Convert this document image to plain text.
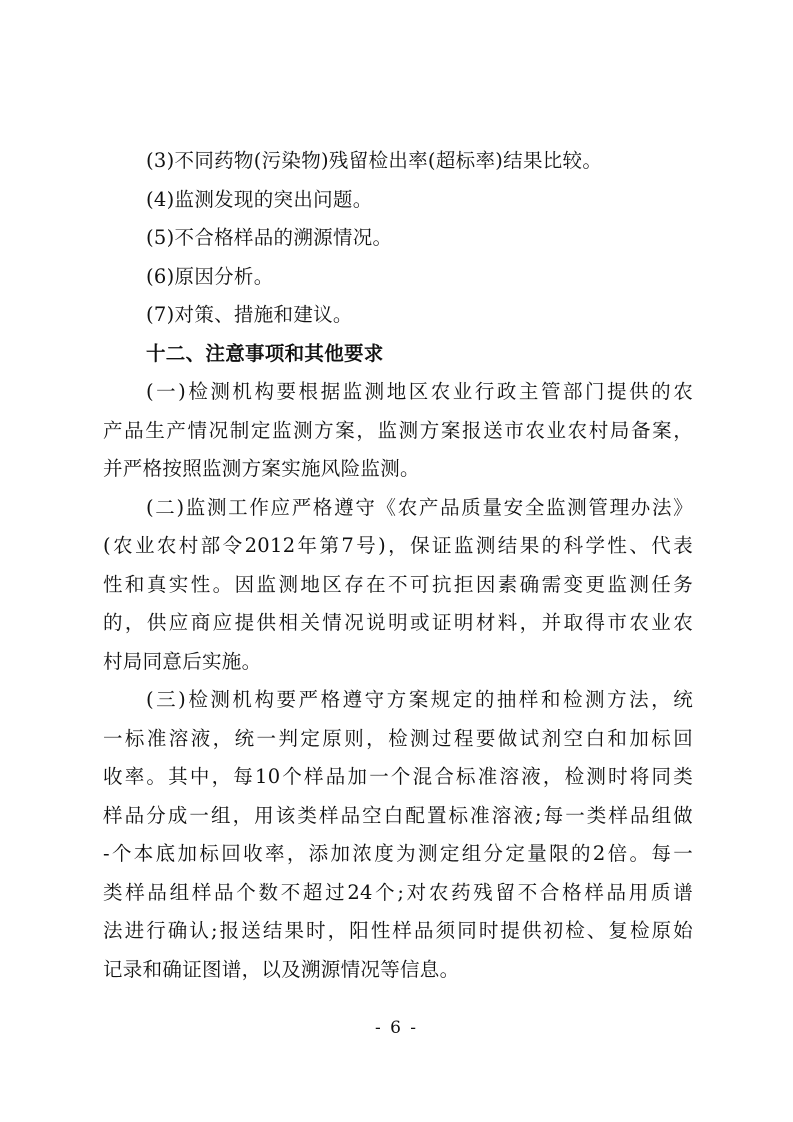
(3)不同药物(污染物)残留检出率(超标率)结果比较。
(4)监测发现的突出问题。
(5)不合格样品的溯源情况。
(6)原因分析。
(7)对策、措施和建议。
十二、注意事项和其他要求
(一)检测机构要根据监测地区农业行政主管部门提供的农
产品生产情况制定监测方案，监测方案报送市农业农村局备案，
并严格按照监测方案实施风险监测。
(二)监测工作应严格遵守《农产品质量安全监测管理办法》
(农业农村部令2012年第7号)，保证监测结果的科学性、代表
性和真实性。因监测地区存在不可抗拒因素确需变更监测任务
的，供应商应提供相关情况说明或证明材料，并取得市农业农
村局同意后实施。
(三)检测机构要严格遵守方案规定的抽样和检测方法，统
一标准溶液，统一判定原则，检测过程要做试剂空白和加标回
收率。其中，每10个样品加一个混合标准溶液，检测时将同类
样品分成一组，用该类样品空白配置标准溶液;每一类样品组做
-个本底加标回收率，添加浓度为测定组分定量限的2倍。每一
类样品组样品个数不超过24个;对农药残留不合格样品用质谱
法进行确认;报送结果时，阳性样品须同时提供初检、复检原始
记录和确证图谱，以及溯源情况等信息。
- 6 -
